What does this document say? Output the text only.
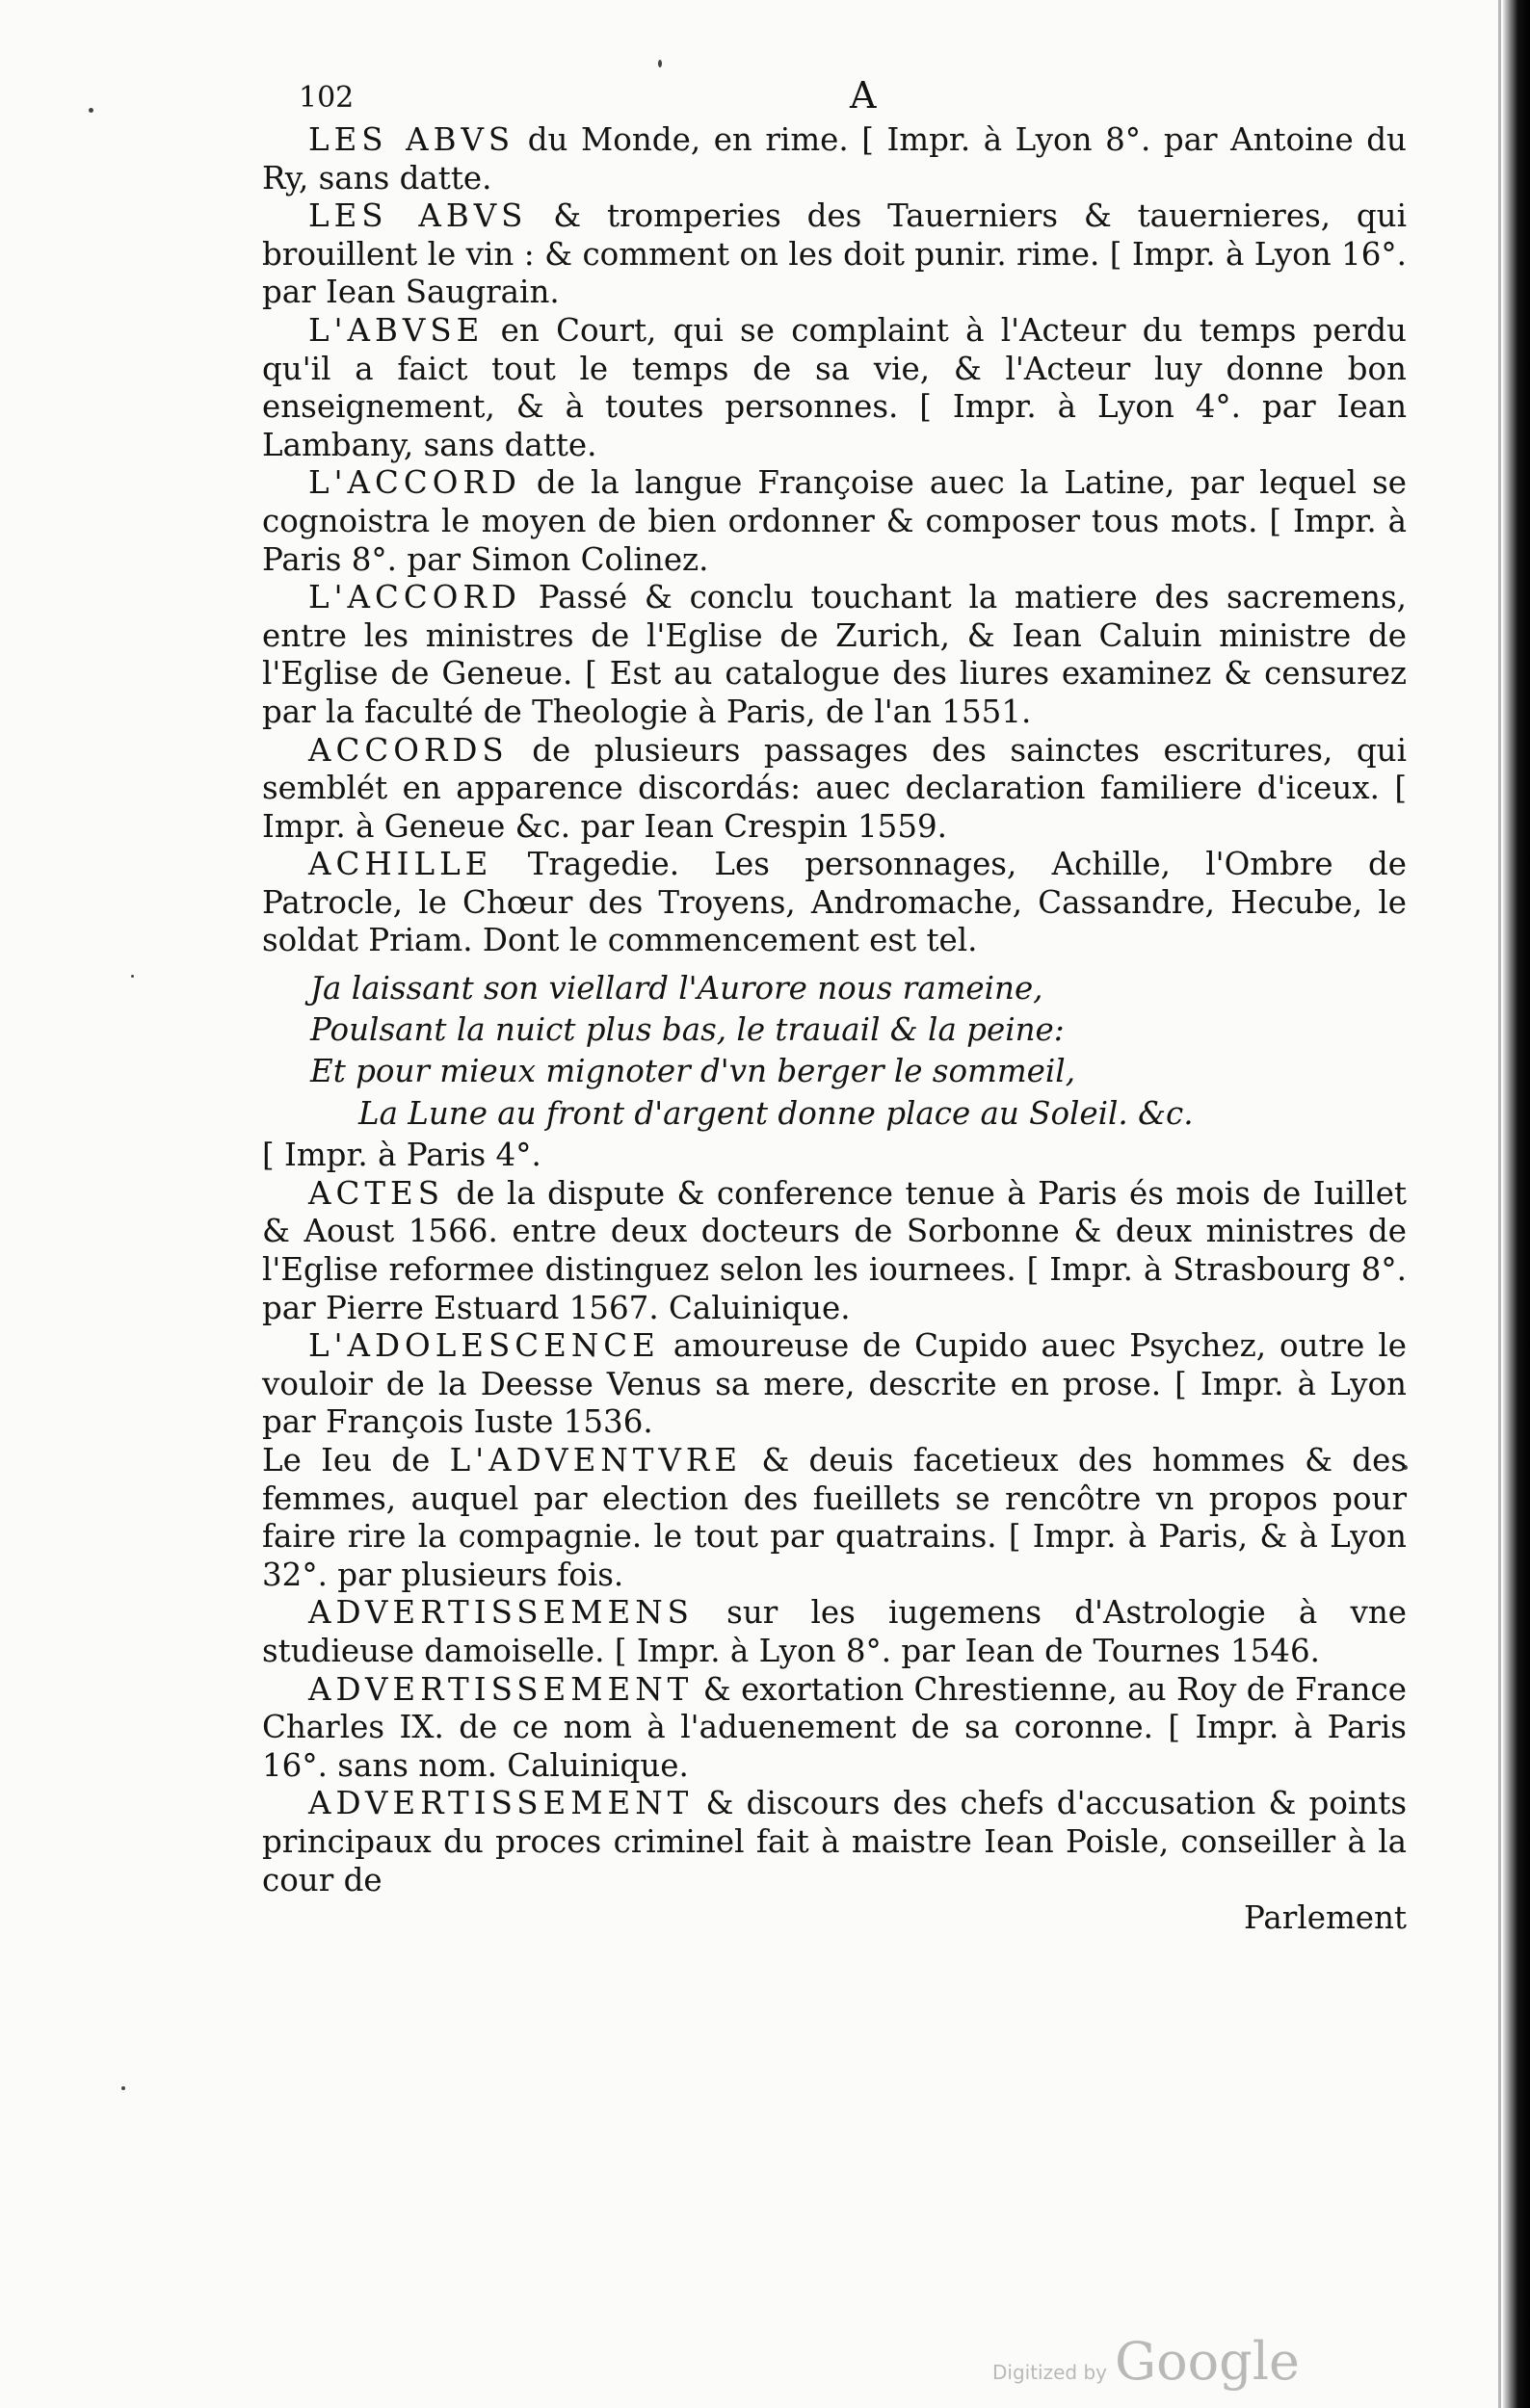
102	A

LES ABVS du Monde, en rime. [ Impr. à Lyon 8°. par Antoine du Ry, sans datte.

LES ABVS & tromperies des Tauerniers & tauernieres, qui brouillent le vin : & comment on les doit punir. rime. [ Impr. à Lyon 16°. par Iean Saugrain.

L'ABVSE en Court, qui se complaint à l'Acteur du temps perdu qu'il a faict tout le temps de sa vie, & l'Acteur luy donne bon enseignement, & à toutes personnes. [ Impr. à Lyon 4°. par Iean Lambany, sans datte.

L'ACCORD de la langue Françoise auec la Latine, par lequel se cognoistra le moyen de bien ordonner & composer tous mots. [ Impr. à Paris 8°. par Simon Colinez.

L'ACCORD Passé & conclu touchant la matiere des sacremens, entre les ministres de l'Eglise de Zurich, & Iean Caluin ministre de l'Eglise de Geneue. [ Est au catalogue des liures examinez & censurez par la faculté de Theologie à Paris, de l'an 1551.

ACCORDS de plusieurs passages des sainctes escritures, qui semblét en apparence discordás: auec declaration familiere d'iceux. [ Impr. à Geneue &c. par Iean Crespin 1559.

ACHILLE Tragedie. Les personnages, Achille, l'Ombre de Patrocle, le Chœur des Troyens, Andromache, Cassandre, Hecube, le soldat Priam. Dont le commencement est tel.

Ja laissant son viellard l'Aurore nous rameine,

Poulsant la nuict plus bas, le trauail & la peine:

Et pour mieux mignoter d'vn berger le sommeil,

La Lune au front d'argent donne place au Soleil. &c.

[ Impr. à Paris 4°.

ACTES de la dispute & conference tenue à Paris és mois de Iuillet & Aoust 1566. entre deux docteurs de Sorbonne & deux ministres de l'Eglise reformee distinguez selon les iournees. [ Impr. à Strasbourg 8°. par Pierre Estuard 1567. Caluinique.

L'ADOLESCENCE amoureuse de Cupido auec Psychez, outre le vouloir de la Deesse Venus sa mere, descrite en prose. [ Impr. à Lyon par François Iuste 1536.

Le Ieu de L'ADVENTVRE & deuis facetieux des hommes & des femmes, auquel par election des fueillets se rencôtre vn propos pour faire rire la compagnie. le tout par quatrains. [ Impr. à Paris, & à Lyon 32°. par plusieurs fois.

ADVERTISSEMENS sur les iugemens d'Astrologie à vne studieuse damoiselle. [ Impr. à Lyon 8°. par Iean de Tournes 1546.

ADVERTISSEMENT & exortation Chrestienne, au Roy de France Charles IX. de ce nom à l'aduenement de sa coronne. [ Impr. à Paris 16°. sans nom. Caluinique.

ADVERTISSEMENT & discours des chefs d'accusation & points principaux du proces criminel fait à maistre Iean Poisle, conseiller à la cour de

Parlement

Digitized by Google
